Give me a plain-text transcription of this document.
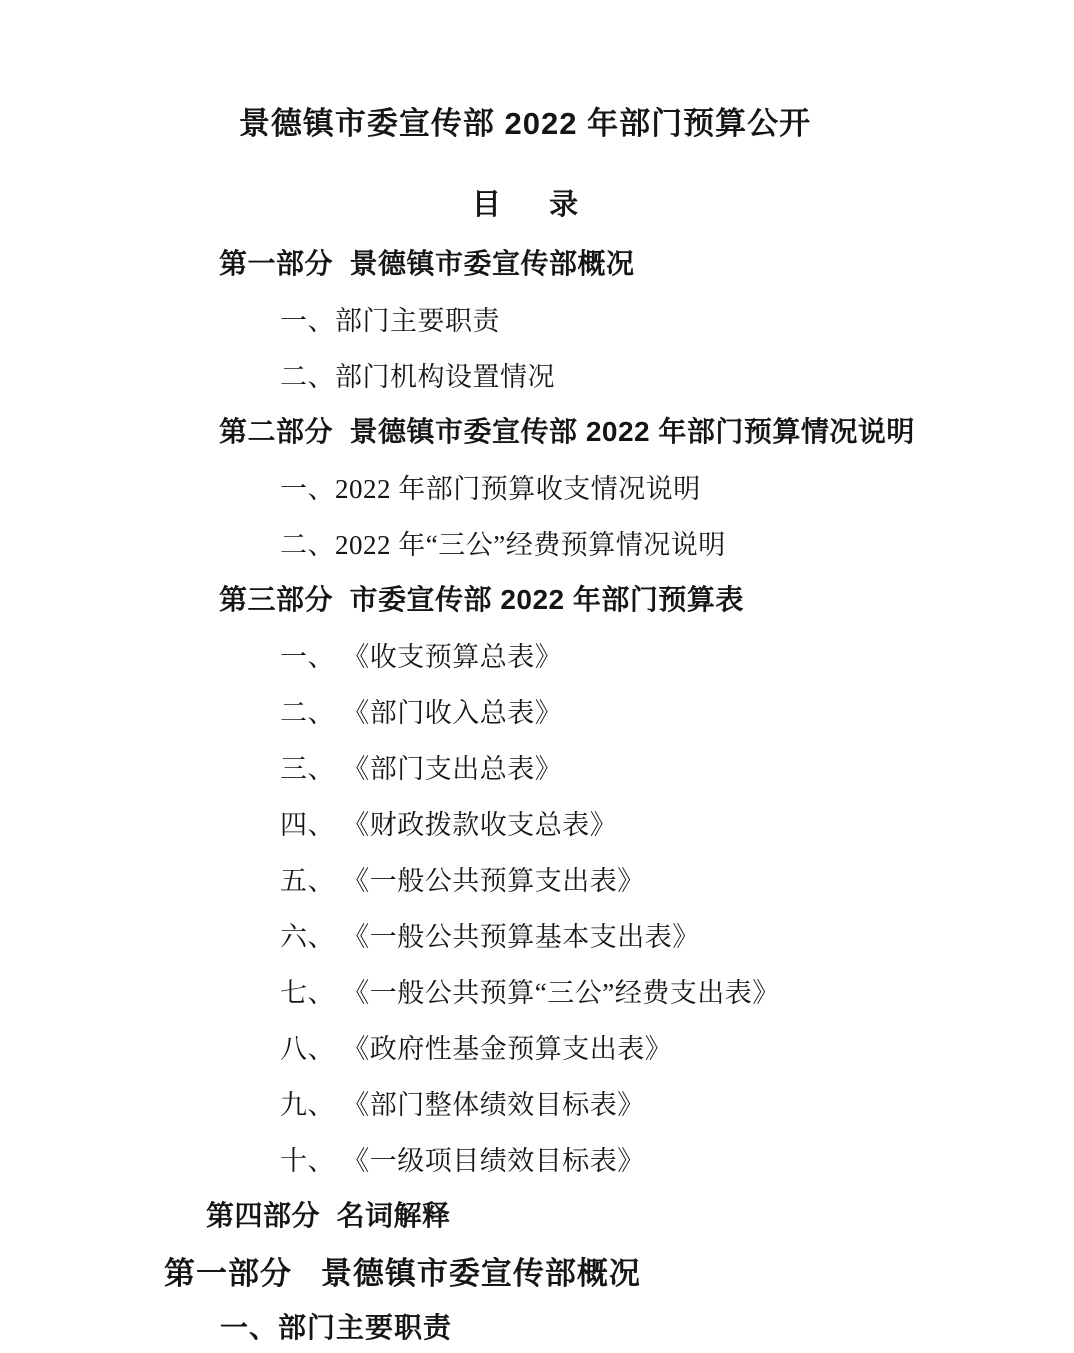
景德镇市委宣传部 2022 年部门预算公开
目      录
第一部分  景德镇市委宣传部概况
一、部门主要职责
二、部门机构设置情况
第二部分  景德镇市委宣传部 2022 年部门预算情况说明
一、2022 年部门预算收支情况说明
二、2022 年“三公”经费预算情况说明
第三部分  市委宣传部 2022 年部门预算表
一、 《收支预算总表》
二、 《部门收入总表》
三、 《部门支出总表》
四、 《财政拨款收支总表》
五、 《一般公共预算支出表》
六、 《一般公共预算基本支出表》
七、 《一般公共预算“三公”经费支出表》
八、 《政府性基金预算支出表》
九、 《部门整体绩效目标表》
十、 《一级项目绩效目标表》
第四部分  名词解释
第一部分   景德镇市委宣传部概况
一、部门主要职责
